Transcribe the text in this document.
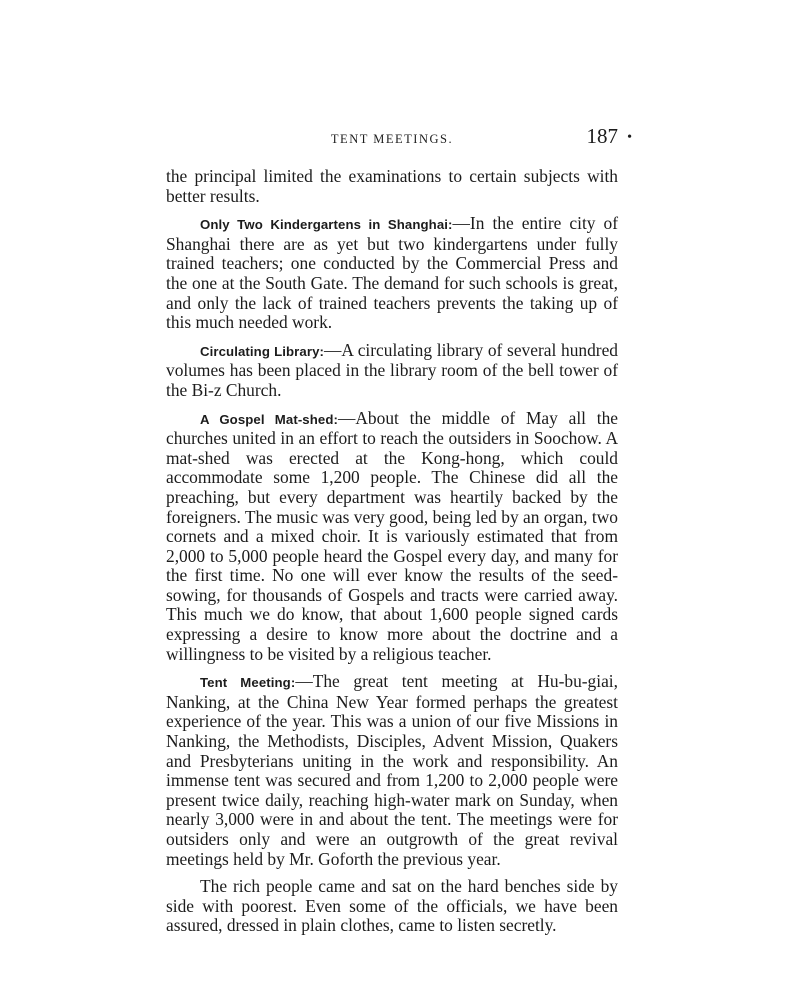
TENT MEETINGS.	187 •

the principal limited the examinations to certain subjects with better results.

Only Two Kindergartens in Shanghai:—In the entire city of Shanghai there are as yet but two kindergartens under fully trained teachers; one conducted by the Commercial Press and the one at the South Gate. The demand for such schools is great, and only the lack of trained teachers prevents the taking up of this much needed work.

Circulating Library:—A circulating library of several hundred volumes has been placed in the library room of the bell tower of the Bi-z Church.

A Gospel Mat-shed:—About the middle of May all the churches united in an effort to reach the outsiders in Soochow. A mat-shed was erected at the Kong-hong, which could accommodate some 1,200 people. The Chinese did all the preaching, but every department was heartily backed by the foreigners. The music was very good, being led by an organ, two cornets and a mixed choir. It is variously estimated that from 2,000 to 5,000 people heard the Gospel every day, and many for the first time. No one will ever know the results of the seed-sowing, for thousands of Gospels and tracts were carried away. This much we do know, that about 1,600 people signed cards expressing a desire to know more about the doctrine and a willingness to be visited by a religious teacher.

Tent Meeting:—The great tent meeting at Hu-bu-giai, Nanking, at the China New Year formed perhaps the greatest experience of the year. This was a union of our five Missions in Nanking, the Methodists, Disciples, Advent Mission, Quakers and Presbyterians uniting in the work and responsibility. An immense tent was secured and from 1,200 to 2,000 people were present twice daily, reaching high-water mark on Sunday, when nearly 3,000 were in and about the tent. The meetings were for outsiders only and were an outgrowth of the great revival meetings held by Mr. Goforth the previous year.

The rich people came and sat on the hard benches side by side with poorest. Even some of the officials, we have been assured, dressed in plain clothes, came to listen secretly.
